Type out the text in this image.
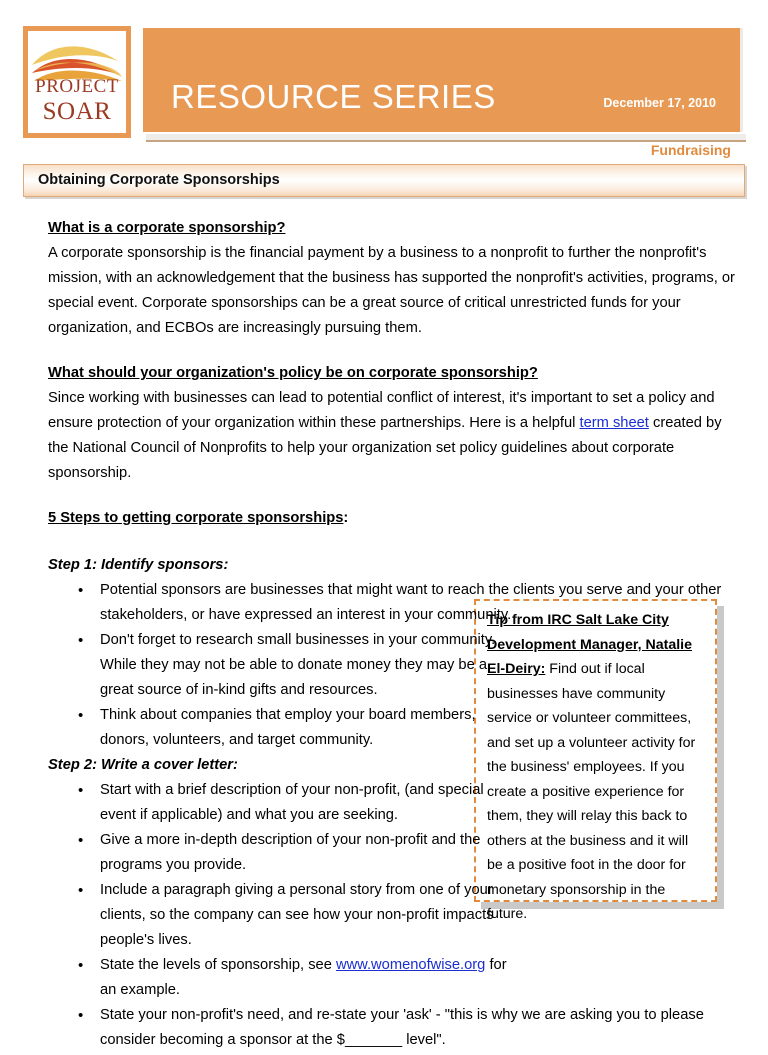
PROJECT
SOAR	RESOURCE SERIES	December 17, 2010
Fundraising
Obtaining Corporate Sponsorships
Tip from IRC Salt Lake City Development Manager, Natalie El-Deiry: Find out if local businesses have community service or volunteer committees, and set up a volunteer activity for the business' employees. If you create a positive experience for them, they will relay this back to others at the business and it will be a positive foot in the door for monetary sponsorship in the future.
What is a corporate sponsorship?
A corporate sponsorship is the financial payment by a business to a nonprofit to further the nonprofit's mission, with an acknowledgement that the business has supported the nonprofit's activities, programs, or special event. Corporate sponsorships can be a great source of critical unrestricted funds for your organization, and ECBOs are increasingly pursuing them.
What should your organization's policy be on corporate sponsorship?
Since working with businesses can lead to potential conflict of interest, it's important to set a policy and ensure protection of your organization within these partnerships. Here is a helpful term sheet created by the National Council of Nonprofits to help your organization set policy guidelines about corporate sponsorship.
5 Steps to getting corporate sponsorships:
Step 1: Identify sponsors:
• Potential sponsors are businesses that might want to reach the clients you serve and your other stakeholders, or have expressed an interest in your community.
• Don't forget to research small businesses in your community. While they may not be able to donate money they may be a great source of in-kind gifts and resources.
• Think about companies that employ your board members, donors, volunteers, and target community.
Step 2: Write a cover letter:
• Start with a brief description of your non-profit, (and special event if applicable) and what you are seeking.
• Give a more in-depth description of your non-profit and the programs you provide.
• Include a paragraph giving a personal story from one of your clients, so the company can see how your non-profit impacts people's lives.
• State the levels of sponsorship, see www.womenofwise.org for an example.
• State your non-profit's need, and re-state your 'ask' - "this is why we are asking you to please consider becoming a sponsor at the $_______ level".
